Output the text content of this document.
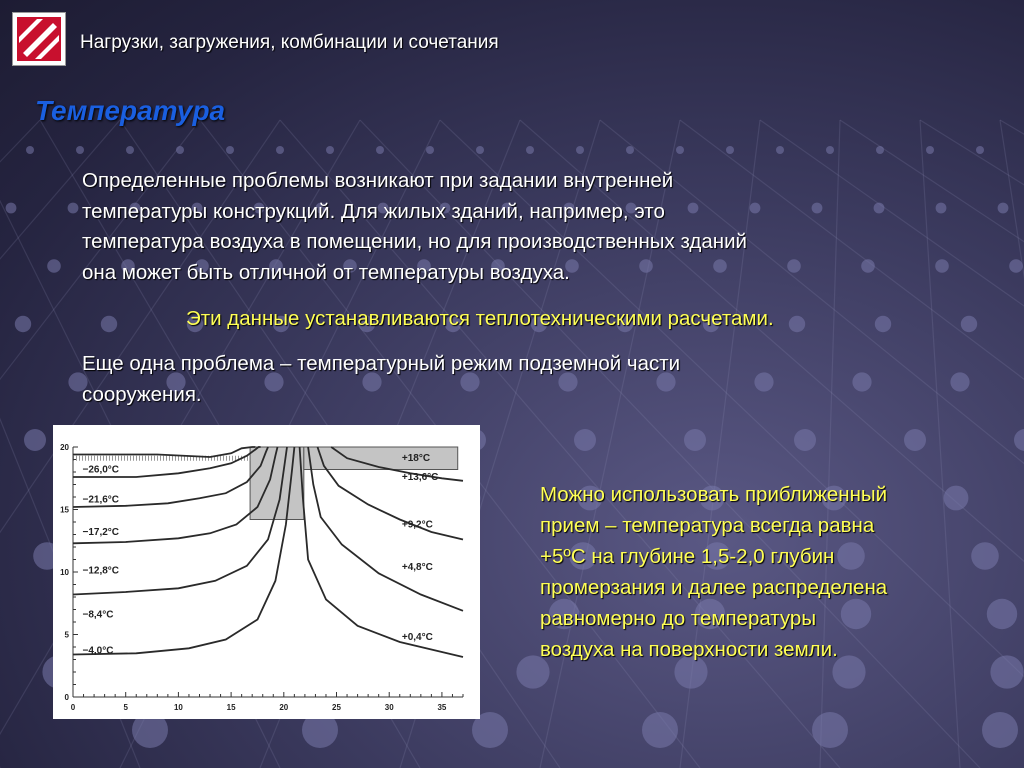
Нагрузки, загружения, комбинации и сочетания
Температура
Определенные проблемы возникают при задании внутренней
температуры конструкций. Для жилых зданий, например, это
температура воздуха в помещении, но для производственных зданий
она может быть отличной от температуры воздуха.
Эти данные устанавливаются теплотехническими расчетами.
Еще одна проблема – температурный режим подземной части
сооружения.
Можно использовать приближенный
прием – температура всегда равна
+5ºС на глубине 1,5-2,0 глубин
промерзания и далее распределена
равномерно до температуры
воздуха на поверхности земли.
0
5
10
15
20
0	5	10	15	20	25	30	35
−26,0°C
−21,6°C
−17,2°C
−12,8°C
−8,4°C
−4,0°C
+18°C
+13,6°C
+9,2°C
+4,8°C
+0,4°C
